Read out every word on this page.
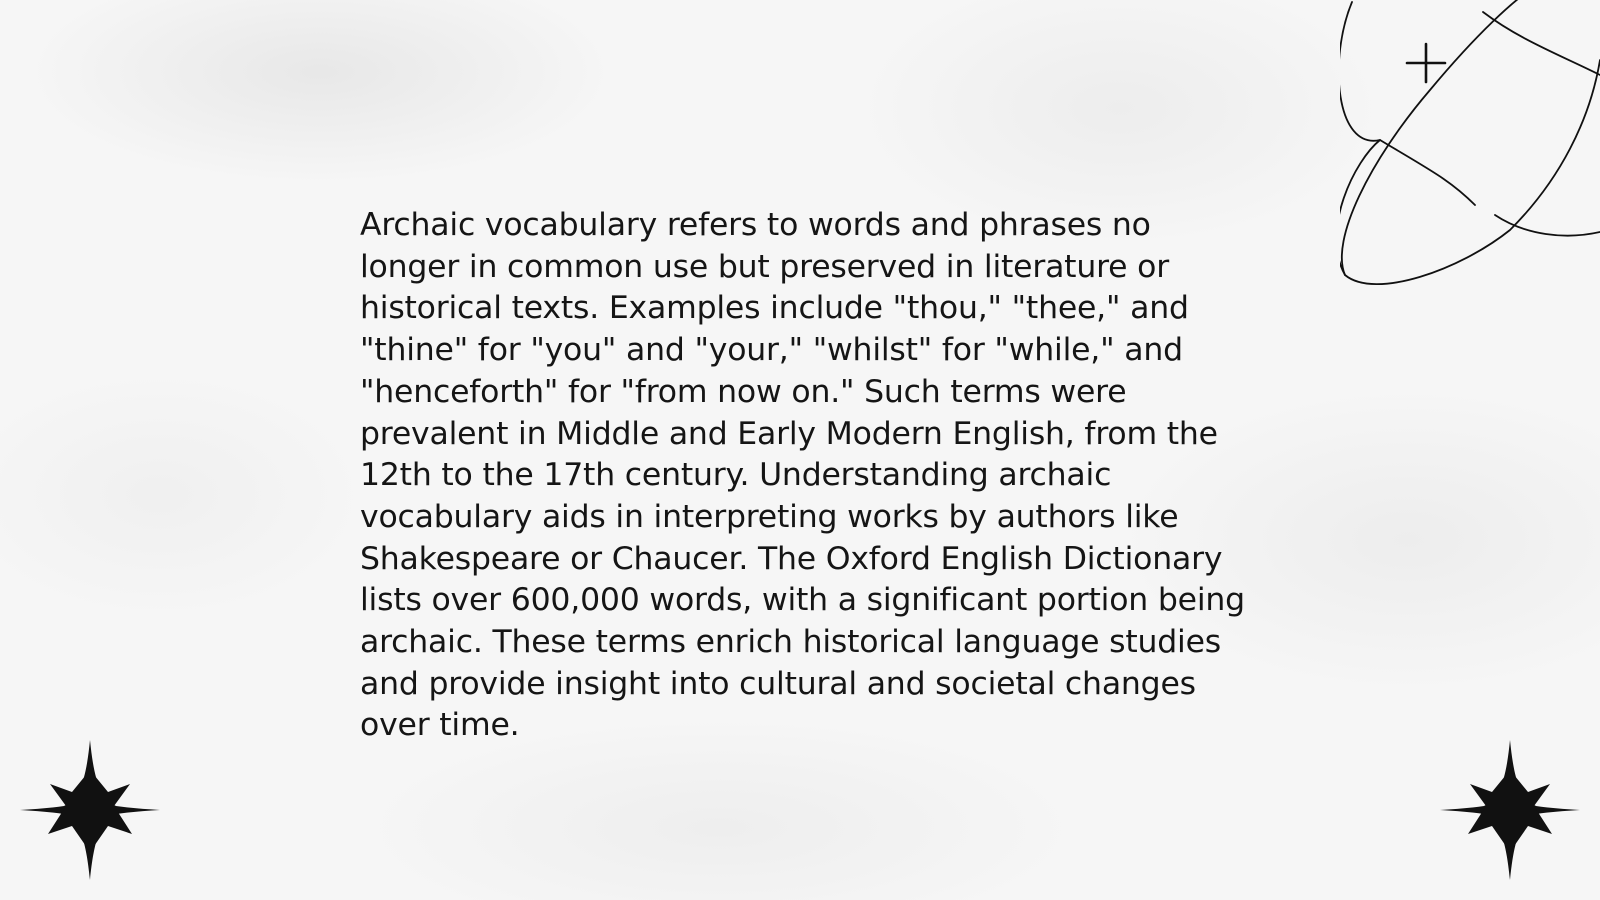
Archaic vocabulary refers to words and phrases no longer in common use but preserved in literature or historical texts. Examples include "thou," "thee," and "thine" for "you" and "your," "whilst" for "while," and "henceforth" for "from now on." Such terms were prevalent in Middle and Early Modern English, from the 12th to the 17th century. Understanding archaic vocabulary aids in interpreting works by authors like Shakespeare or Chaucer. The Oxford English Dictionary lists over 600,000 words, with a significant portion being archaic. These terms enrich historical language studies and provide insight into cultural and societal changes over time.
